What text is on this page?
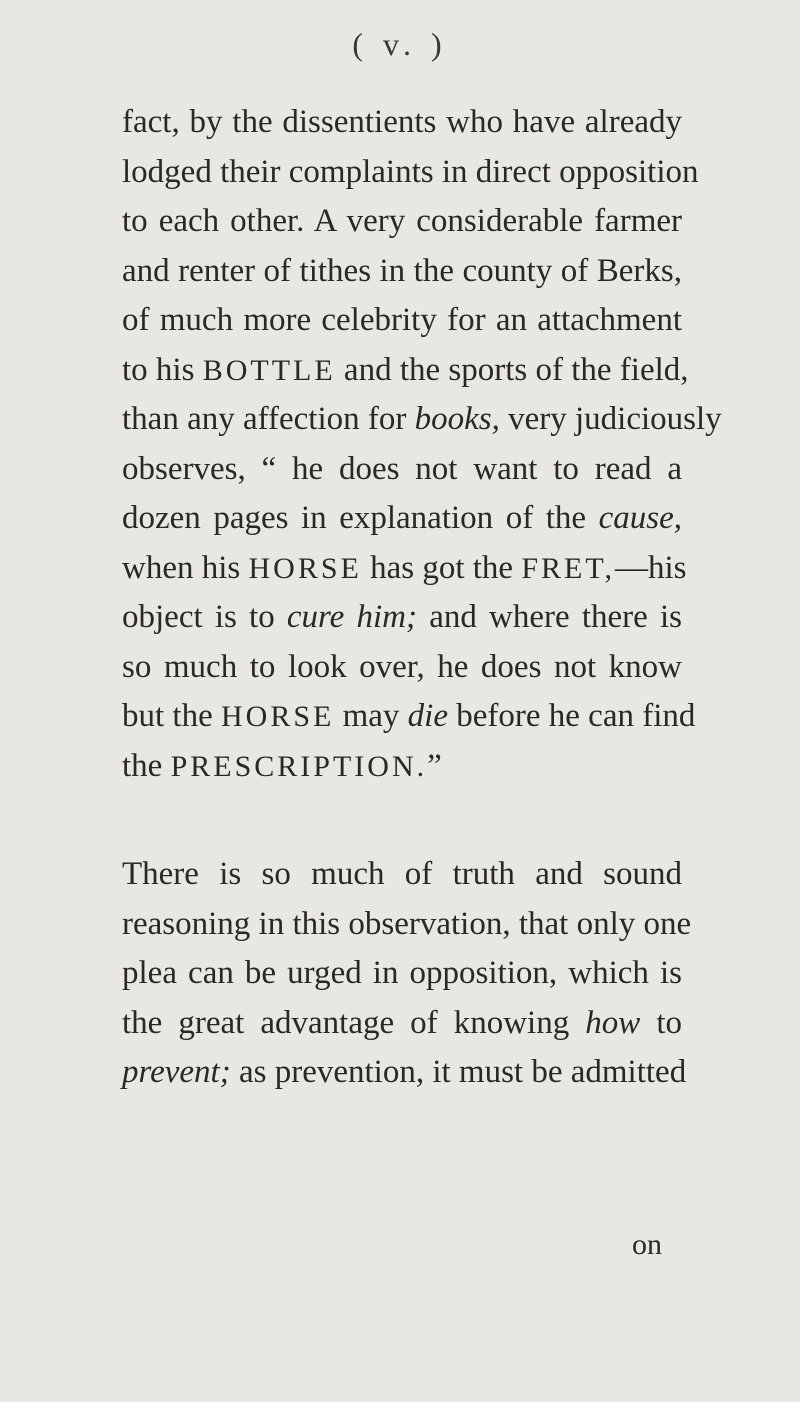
( v. )
fact, by the dissentients who have already
lodged their complaints in direct opposition
to each other. A very considerable farmer
and renter of tithes in the county of Berks,
of much more celebrity for an attachment
to his BOTTLE and the sports of the field,
than any affection for books, very judiciously
observes, “ he does not want to read a
dozen pages in explanation of the cause,
when his HORSE has got the FRET,—his
object is to cure him; and where there is
so much to look over, he does not know
but the HORSE may die before he can find
the PRESCRIPTION.”
There is so much of truth and sound
reasoning in this observation, that only one
plea can be urged in opposition, which is
the great advantage of knowing how to
prevent; as prevention, it must be admitted
on
